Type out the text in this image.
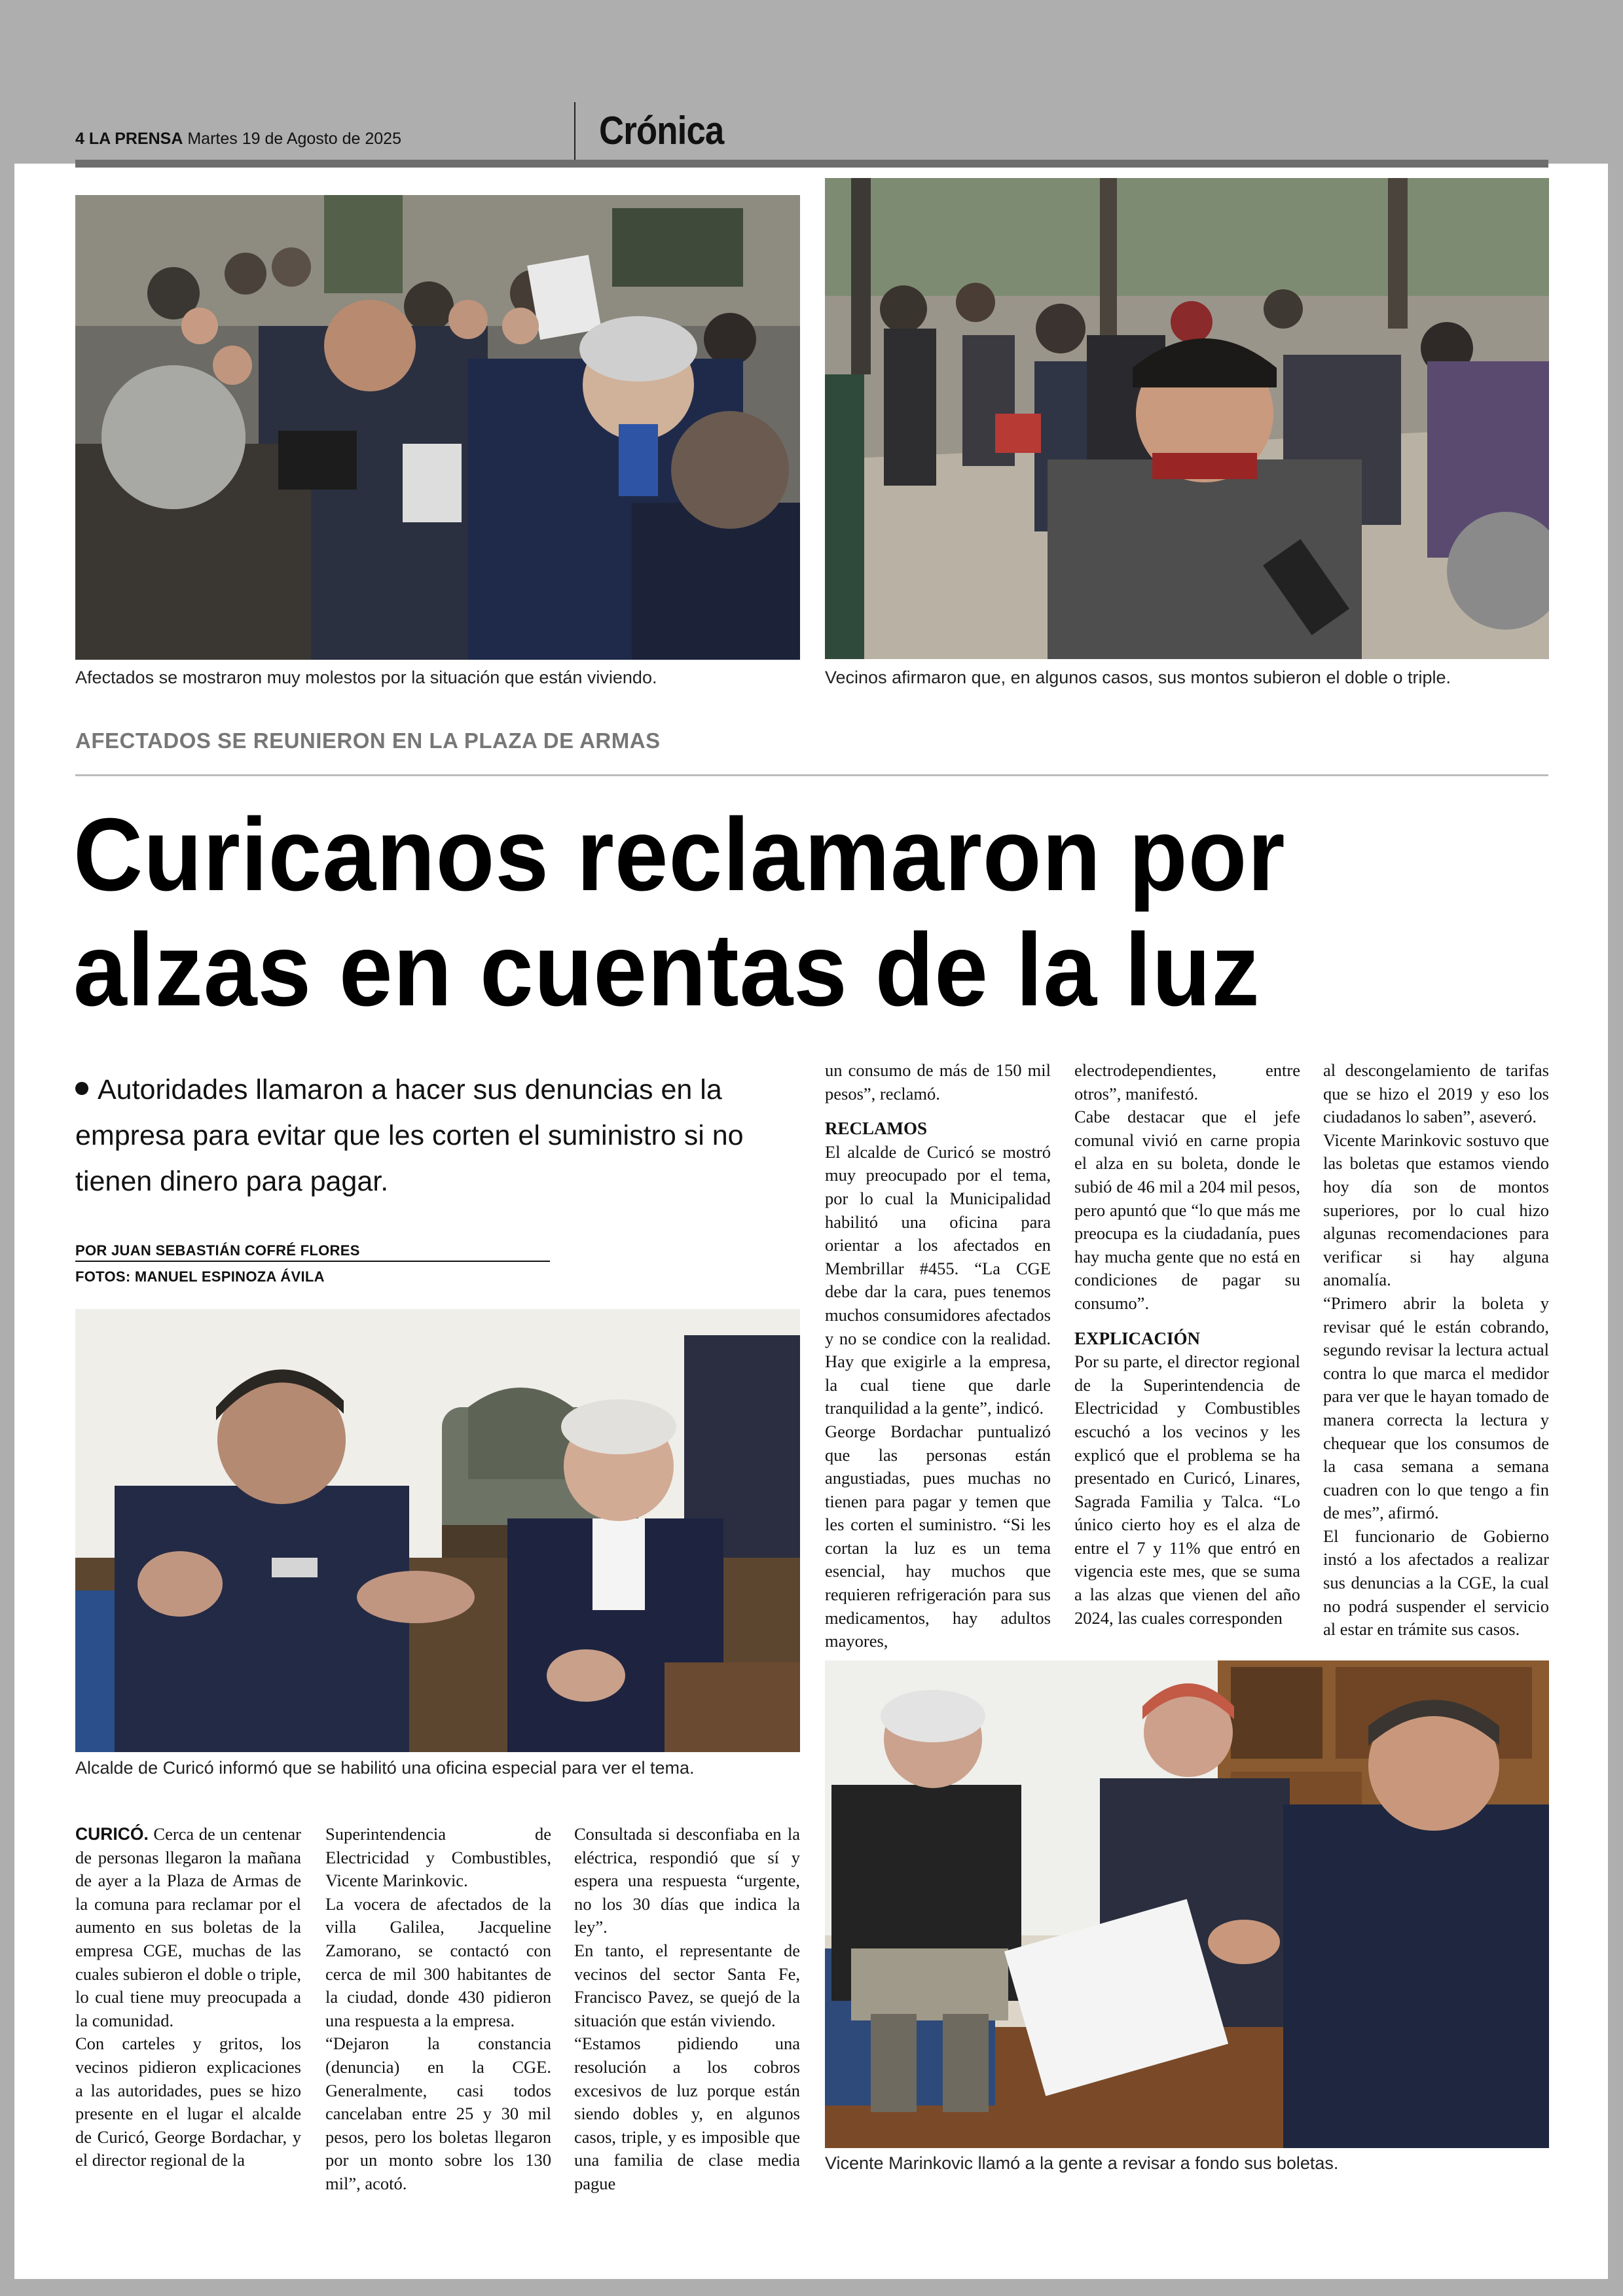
4 LA PRENSA Martes 19 de Agosto de 2025	Crónica
Afectados se mostraron muy molestos por la situación que están viviendo.	Vecinos afirmaron que, en algunos casos, sus montos subieron el doble o triple.
AFECTADOS SE REUNIERON EN LA PLAZA DE ARMAS
Curicanos reclamaron por
alzas en cuentas de la luz
Autoridades llamaron a hacer sus denuncias en la empresa para evitar que les corten el suministro si no tienen dinero para pagar.
POR JUAN SEBASTIÁN COFRÉ FLORES
FOTOS: MANUEL ESPINOZA ÁVILA
Alcalde de Curicó informó que se habilitó una oficina especial para ver el tema.
Vicente Marinkovic llamó a la gente a revisar a fondo sus boletas.

CURICÓ. Cerca de un centenar de personas llegaron la mañana de ayer a la Plaza de Armas de la comuna para reclamar por el aumento en sus boletas de la empresa CGE, muchas de las cuales subieron el doble o triple, lo cual tiene muy preocupada a la comunidad.

Con carteles y gritos, los vecinos pidieron explicaciones a las autoridades, pues se hizo presente en el lugar el alcalde de Curicó, George Bordachar, y el director regional de la

Superintendencia de Electricidad y Combustibles, Vicente Marinkovic.

La vocera de afectados de la villa Galilea, Jacqueline Zamorano, se contactó con cerca de mil 300 habitantes de la ciudad, donde 430 pidieron una respuesta a la empresa.

“Dejaron la constancia (denuncia) en la CGE. Generalmente, casi todos cancelaban entre 25 y 30 mil pesos, pero los boletas llegaron por un monto sobre los 130 mil”, acotó.

Consultada si desconfiaba en la eléctrica, respondió que sí y espera una respuesta “urgente, no los 30 días que indica la ley”.

En tanto, el representante de vecinos del sector Santa Fe, Francisco Pavez, se quejó de la situación que están viviendo.

“Estamos pidiendo una resolución a los cobros excesivos de luz porque están siendo dobles y, en algunos casos, triple, y es imposible que una familia de clase media pague

un consumo de más de 150 mil pesos”, reclamó.

RECLAMOS

El alcalde de Curicó se mostró muy preocupado por el tema, por lo cual la Municipalidad habilitó una oficina para orientar a los afectados en Membrillar #455. “La CGE debe dar la cara, pues tenemos muchos consumidores afectados y no se condice con la realidad. Hay que exigirle a la empresa, la cual tiene que darle tranquilidad a la gente”, indicó.

George Bordachar puntualizó que las personas están angustiadas, pues muchas no tienen para pagar y temen que les corten el suministro. “Si les cortan la luz es un tema esencial, hay muchos que requieren refrigeración para sus medicamentos, hay adultos mayores,

electrodependientes, entre otros”, manifestó.

Cabe destacar que el jefe comunal vivió en carne propia el alza en su boleta, donde le subió de 46 mil a 204 mil pesos, pero apuntó que “lo que más me preocupa es la ciudadanía, pues hay mucha gente que no está en condiciones de pagar su consumo”.

EXPLICACIÓN

Por su parte, el director regional de la Superintendencia de Electricidad y Combustibles escuchó a los vecinos y les explicó que el problema se ha presentado en Curicó, Linares, Sagrada Familia y Talca. “Lo único cierto hoy es el alza de entre el 7 y 11% que entró en vigencia este mes, que se suma a las alzas que vienen del año 2024, las cuales corresponden

al descongelamiento de tarifas que se hizo el 2019 y eso los ciudadanos lo saben”, aseveró.

Vicente Marinkovic sostuvo que las boletas que estamos viendo hoy día son de montos superiores, por lo cual hizo algunas recomendaciones para verificar si hay alguna anomalía.

“Primero abrir la boleta y revisar qué le están cobrando, segundo revisar la lectura actual contra lo que marca el medidor para ver que le hayan tomado de manera correcta la lectura y chequear que los consumos de la casa semana a semana cuadren con lo que tengo a fin de mes”, afirmó.

El funcionario de Gobierno instó a los afectados a realizar sus denuncias a la CGE, la cual no podrá suspender el servicio al estar en trámite sus casos.
